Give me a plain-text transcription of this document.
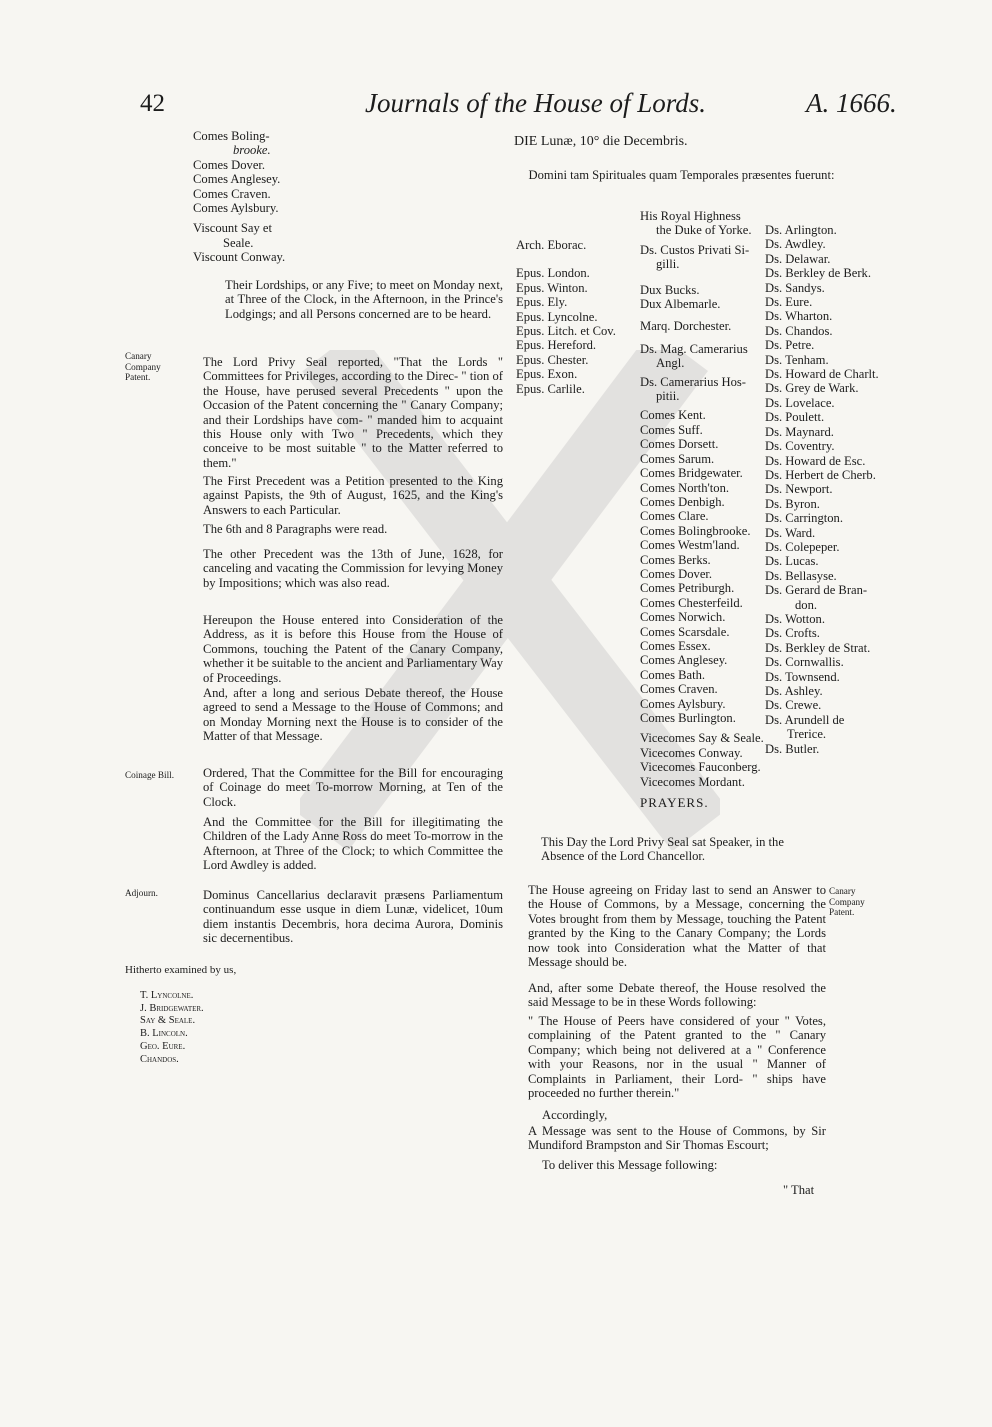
42	Journals of the House of Lords.	A. 1666.
Comes Boling-
brooke.
Comes Dover.
Comes Anglesey.
Comes Craven.
Comes Aylsbury.
Viscount Say et
Seale.
Viscount Conway.
Their Lordships, or any Five; to meet on Monday next, at Three of the Clock, in the Afternoon, in the Prince's Lodgings; and all Persons concerned are to be heard.
Canary Company Patent.
The Lord Privy Seal reported, "That the Lords " Committees for Privileges, according to the Direc- " tion of the House, have perused several Precedents " upon the Occasion of the Patent concerning the " Canary Company; and their Lordships have com- " manded him to acquaint this House only with Two " Precedents, which they conceive to be most suitable " to the Matter referred to them."
The First Precedent was a Petition presented to the King against Papists, the 9th of August, 1625, and the King's Answers to each Particular.
The 6th and 8 Paragraphs were read.
The other Precedent was the 13th of June, 1628, for canceling and vacating the Commission for levying Money by Impositions; which was also read.
Hereupon the House entered into Consideration of the Address, as it is before this House from the House of Commons, touching the Patent of the Canary Company, whether it be suitable to the ancient and Parliamentary Way of Proceedings.
And, after a long and serious Debate thereof, the House agreed to send a Message to the House of Commons; and on Monday Morning next the House is to consider of the Matter of that Message.
Coinage Bill.	Ordered, That the Committee for the Bill for encouraging of Coinage do meet To-morrow Morning, at Ten of the Clock.
And the Committee for the Bill for illegitimating the Children of the Lady Anne Ross do meet To-morrow in the Afternoon, at Three of the Clock; to which Committee the Lord Awdley is added.
Adjourn.	Dominus Cancellarius declaravit præsens Parliamentum continuandum esse usque in diem Lunæ, videlicet, 10um diem instantis Decembris, hora decima Aurora, Dominis sic decernentibus.
Hitherto examined by us,
T. Lyncolne.
J. Bridgewater.
Say & Seale.
B. Lincoln.
Geo. Eure.
Chandos.
DIE Lunæ, 10° die Decembris.
Domini tam Spirituales quam Temporales præsentes fuerunt:
Arch. Eborac.
Epus. London.
Epus. Winton.
Epus. Ely.
Epus. Lyncolne.
Epus. Litch. et Cov.
Epus. Hereford.
Epus. Chester.
Epus. Exon.
Epus. Carlile.
His Royal Highness
the Duke of Yorke.
Ds. Custos Privati Si-
gilli.
Dux Bucks.
Dux Albemarle.
Marq. Dorchester.
Ds. Mag. Camerarius
Angl.
Ds. Camerarius Hos-
pitii.
Comes Kent.
Comes Suff.
Comes Dorsett.
Comes Sarum.
Comes Bridgewater.
Comes North'ton.
Comes Denbigh.
Comes Clare.
Comes Bolingbrooke.
Comes Westm'land.
Comes Berks.
Comes Dover.
Comes Petriburgh.
Comes Chesterfeild.
Comes Norwich.
Comes Scarsdale.
Comes Essex.
Comes Anglesey.
Comes Bath.
Comes Craven.
Comes Aylsbury.
Comes Burlington.
Vicecomes Say & Seale.
Vicecomes Conway.
Vicecomes Fauconberg.
Vicecomes Mordant.
Ds. Arlington.
Ds. Awdley.
Ds. Delawar.
Ds. Berkley de Berk.
Ds. Sandys.
Ds. Eure.
Ds. Wharton.
Ds. Chandos.
Ds. Petre.
Ds. Tenham.
Ds. Howard de Charlt.
Ds. Grey de Wark.
Ds. Lovelace.
Ds. Poulett.
Ds. Maynard.
Ds. Coventry.
Ds. Howard de Esc.
Ds. Herbert de Cherb.
Ds. Newport.
Ds. Byron.
Ds. Carrington.
Ds. Ward.
Ds. Colepeper.
Ds. Lucas.
Ds. Bellasyse.
Ds. Gerard de Bran-
don.
Ds. Wotton.
Ds. Crofts.
Ds. Berkley de Strat.
Ds. Cornwallis.
Ds. Townsend.
Ds. Ashley.
Ds. Crewe.
Ds. Arundell de
Trerice.
Ds. Butler.
PRAYERS.
This Day the Lord Privy Seal sat Speaker, in the Absence of the Lord Chancellor.
The House agreeing on Friday last to send an Answer to the House of Commons, by a Message, concerning the Votes brought from them by Message, touching the Patent granted by the King to the Canary Company; the Lords now took into Consideration what the Matter of that Message should be.
Canary Company Patent.
And, after some Debate thereof, the House resolved the said Message to be in these Words following:
" The House of Peers have considered of your " Votes, complaining of the Patent granted to the " Canary Company; which being not delivered at a " Conference with your Reasons, nor in the usual " Manner of Complaints in Parliament, their Lord- " ships have proceeded no further therein."
Accordingly,
A Message was sent to the House of Commons, by Sir Mundiford Brampston and Sir Thomas Escourt;
To deliver this Message following:
" That
